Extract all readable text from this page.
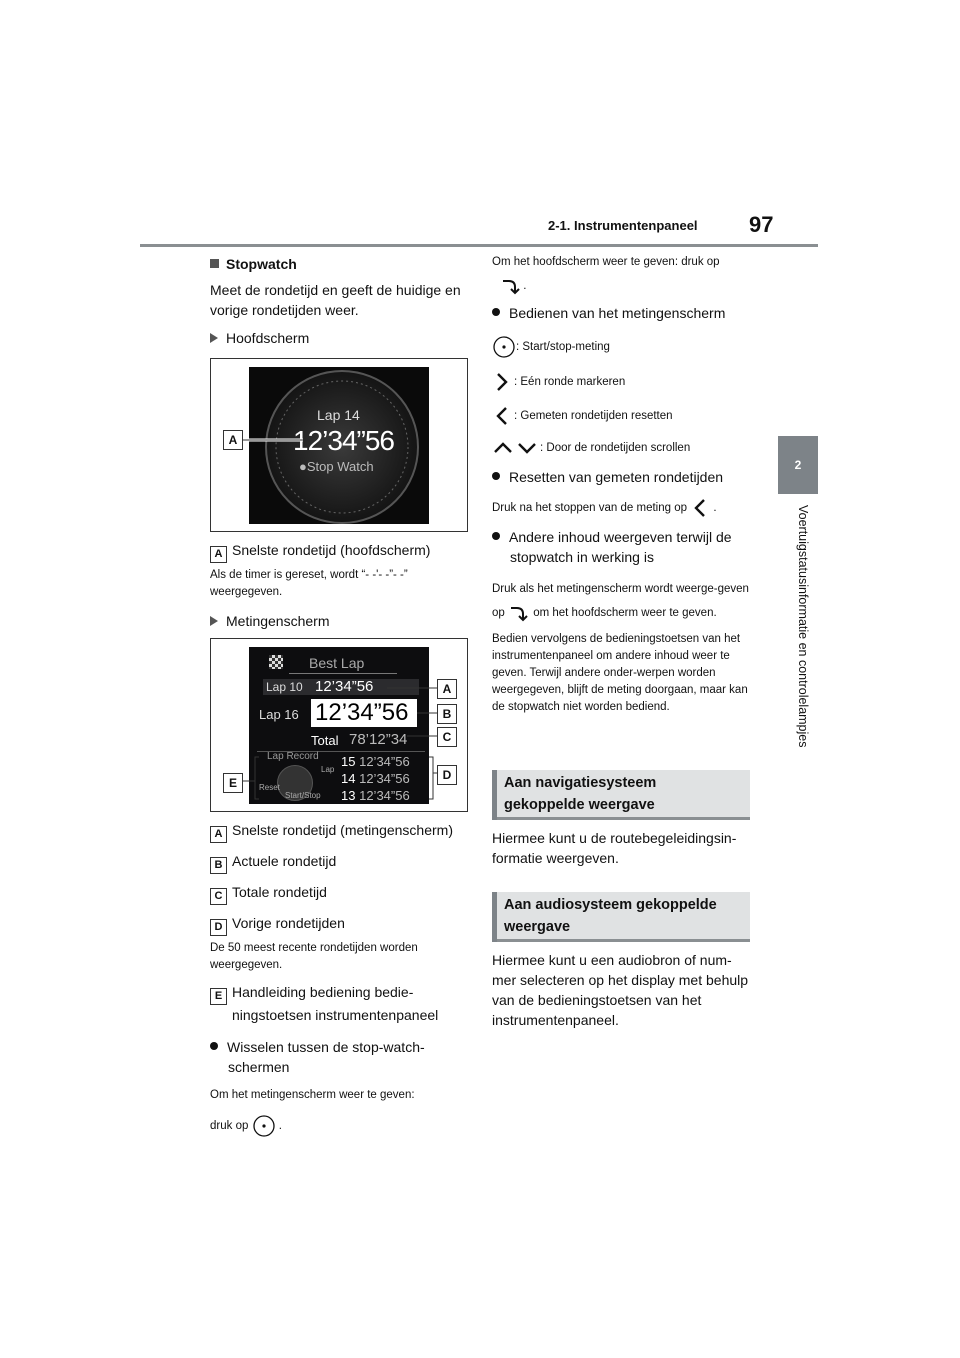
2-1. Instrumentenpaneel 97
2
Voertuigstatusinformatie en controlelampjes

Stopwatch

Meet de rondetijd en geeft de huidige en vorige rondetijden weer.

Hoofdscherm

Lap 14
12’34”56
●Stop Watch
A

A Snelste rondetijd (hoofdscherm)

Als de timer is gereset, wordt “- -'- -”- -” weergegeven.

Metingenscherm

Best Lap
Lap 10 12’34”56
Lap 16 12’34”56
Total 78’12”34
Lap Record
Lap
Reset
Start/Stop
15 12’34”56
14 12’34”56
13 12’34”56
A
B
C
D
E

A Snelste rondetijd (metingenscherm)

B Actuele rondetijd

C Totale rondetijd

D Vorige rondetijden

De 50 meest recente rondetijden worden weergegeven.

E Handleiding bediening bedie-ningstoetsen instrumentenpaneel

Wisselen tussen de stop-watch-schermen

Om het metingenscherm weer te geven:

druk op	.

Om het hoofdscherm weer te geven: druk op

.

Bedienen van het metingenscherm

: Start/stop-meting

: Eén ronde markeren

: Gemeten rondetijden resetten

: Door de rondetijden scrollen

Resetten van gemeten rondetijden

Druk na het stoppen van de meting op .

Andere inhoud weergeven terwijl de stopwatch in werking is

Druk als het metingenscherm wordt weerge-geven op om het hoofdscherm weer te geven.

Bedien vervolgens de bedieningstoetsen van het instrumentenpaneel om andere inhoud weer te geven. Terwijl andere onder-werpen worden weergegeven, blijft de meting doorgaan, maar kan de stopwatch niet worden bediend.

Aan navigatiesysteem gekoppelde weergave
Hiermee kunt u de routebegeleidingsin-formatie weergeven.
Aan audiosysteem gekoppelde weergave
Hiermee kunt u een audiobron of num-mer selecteren op het display met behulp van de bedieningstoetsen van het instrumentenpaneel.
